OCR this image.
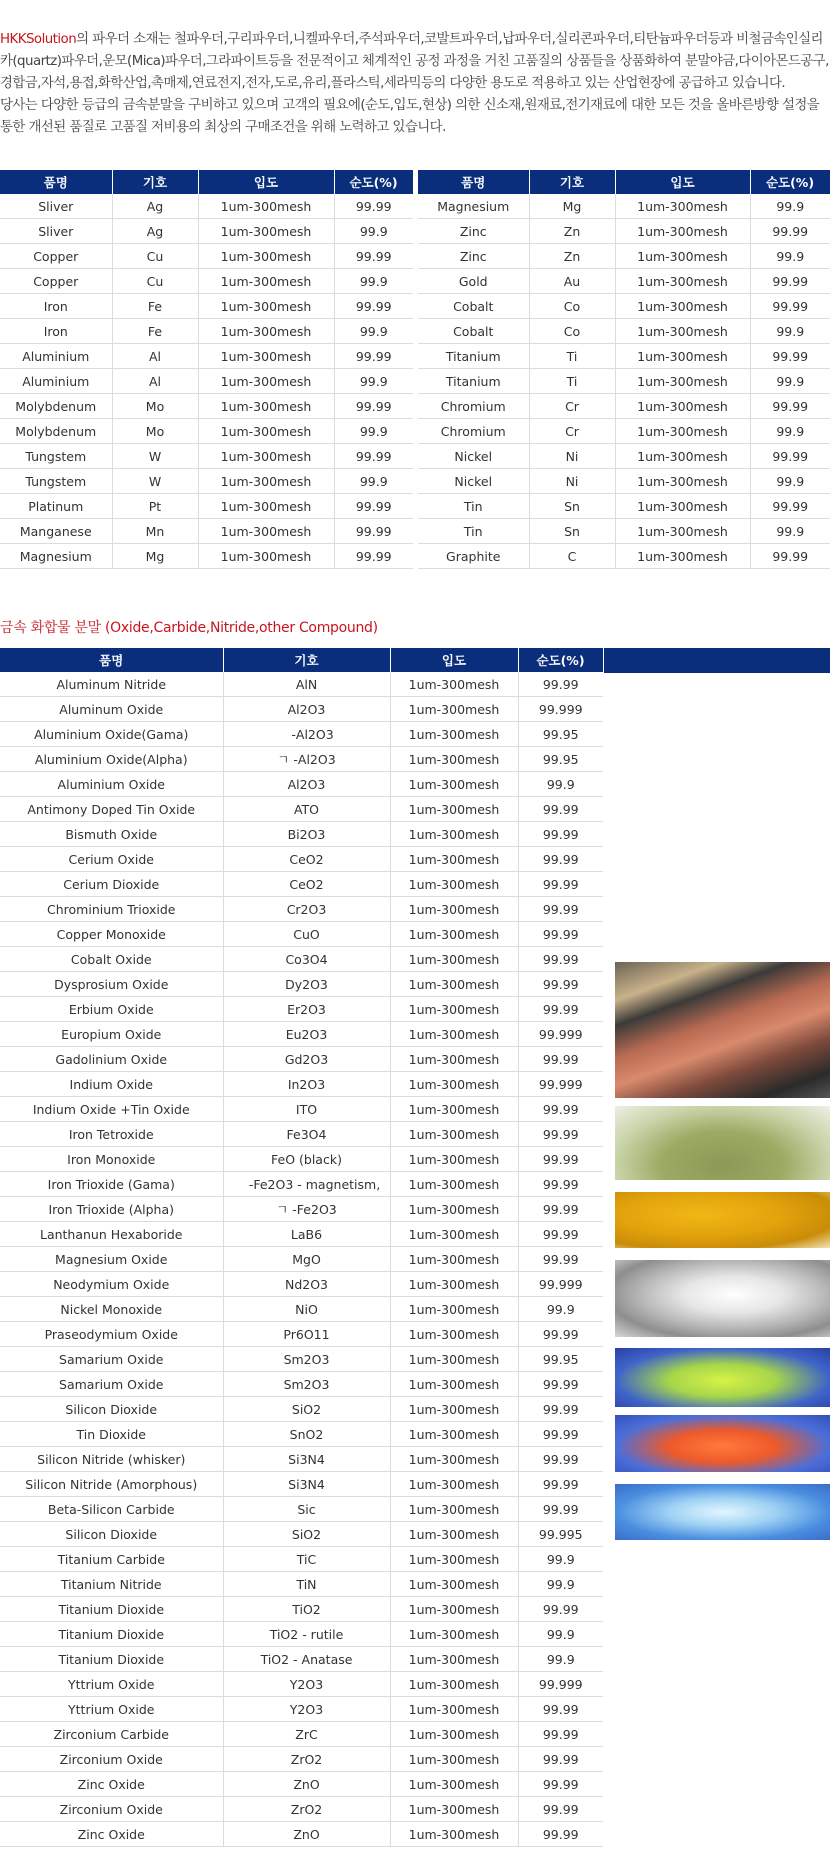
HKKSolution의 파우더 소재는 철파우더,구리파우더,니켈파우더,주석파우더,코발트파우더,납파우더,실리콘파우더,티탄늄파우더등과 비철금속인실리카(quartz)파우더,운모(Mica)파우더,그라파이트등을 전문적이고 체계적인 공정 과정을 거친 고품질의 상품들을 상품화하여 분말야금,다이아몬드공구,경합금,자석,용접,화학산업,촉매제,연료전지,전자,도로,유리,플라스틱,세라믹등의 다양한 용도로 적용하고 있는 산업현장에 공급하고 있습니다.

당사는 다양한 등급의 금속분말을 구비하고 있으며 고객의 필요에(순도,입도,현상) 의한 신소재,원재료,전기재료에 대한 모든 것을 올바른방향 설정을 통한 개선된 품질로 고품질 저비용의 최상의 구매조건을 위해 노력하고 있습니다.

품명	기호	입도	순도(%)
Sliver	Ag	1um-300mesh	99.99
Sliver	Ag	1um-300mesh	99.9
Copper	Cu	1um-300mesh	99.99
Copper	Cu	1um-300mesh	99.9
Iron	Fe	1um-300mesh	99.99
Iron	Fe	1um-300mesh	99.9
Aluminium	Al	1um-300mesh	99.99
Aluminium	Al	1um-300mesh	99.9
Molybdenum	Mo	1um-300mesh	99.99
Molybdenum	Mo	1um-300mesh	99.9
Tungstem	W	1um-300mesh	99.99
Tungstem	W	1um-300mesh	99.9
Platinum	Pt	1um-300mesh	99.99
Manganese	Mn	1um-300mesh	99.99
Magnesium	Mg	1um-300mesh	99.99
품명	기호	입도	순도(%)
Magnesium	Mg	1um-300mesh	99.9
Zinc	Zn	1um-300mesh	99.99
Zinc	Zn	1um-300mesh	99.9
Gold	Au	1um-300mesh	99.99
Cobalt	Co	1um-300mesh	99.99
Cobalt	Co	1um-300mesh	99.9
Titanium	Ti	1um-300mesh	99.99
Titanium	Ti	1um-300mesh	99.9
Chromium	Cr	1um-300mesh	99.99
Chromium	Cr	1um-300mesh	99.9
Nickel	Ni	1um-300mesh	99.99
Nickel	Ni	1um-300mesh	99.9
Tin	Sn	1um-300mesh	99.99
Tin	Sn	1um-300mesh	99.9
Graphite	C	1um-300mesh	99.99
금속 화합물 분말 (Oxide,Carbide,Nitride,other Compound)
품명	기호	입도	순도(%)
Aluminum Nitride	AlN	1um-300mesh	99.99
Aluminum Oxide	Al2O3	1um-300mesh	99.999
Aluminium Oxide(Gama)	ᅟ-Al2O3	1um-300mesh	99.95
Aluminium Oxide(Alpha)	ㄱ -Al2O3	1um-300mesh	99.95
Aluminium Oxide	Al2O3	1um-300mesh	99.9
Antimony Doped Tin Oxide	ATO	1um-300mesh	99.99
Bismuth Oxide	Bi2O3	1um-300mesh	99.99
Cerium Oxide	CeO2	1um-300mesh	99.99
Cerium Dioxide	CeO2	1um-300mesh	99.99
Chrominium Trioxide	Cr2O3	1um-300mesh	99.99
Copper Monoxide	CuO	1um-300mesh	99.99
Cobalt Oxide	Co3O4	1um-300mesh	99.99
Dysprosium Oxide	Dy2O3	1um-300mesh	99.99
Erbium Oxide	Er2O3	1um-300mesh	99.99
Europium Oxide	Eu2O3	1um-300mesh	99.999
Gadolinium Oxide	Gd2O3	1um-300mesh	99.99
Indium Oxide	In2O3	1um-300mesh	99.999
Indium Oxide +Tin Oxide	ITO	1um-300mesh	99.99
Iron Tetroxide	Fe3O4	1um-300mesh	99.99
Iron Monoxide	FeO (black)	1um-300mesh	99.99
Iron Trioxide (Gama)	ᅟ -Fe2O3 - magnetism,	1um-300mesh	99.99
Iron Trioxide (Alpha)	ㄱ -Fe2O3	1um-300mesh	99.99
Lanthanun Hexaboride	LaB6	1um-300mesh	99.99
Magnesium Oxide	MgO	1um-300mesh	99.99
Neodymium Oxide	Nd2O3	1um-300mesh	99.999
Nickel Monoxide	NiO	1um-300mesh	99.9
Praseodymium Oxide	Pr6O11	1um-300mesh	99.99
Samarium Oxide	Sm2O3	1um-300mesh	99.95
Samarium Oxide	Sm2O3	1um-300mesh	99.99
Silicon Dioxide	SiO2	1um-300mesh	99.99
Tin Dioxide	SnO2	1um-300mesh	99.99
Silicon Nitride (whisker)	Si3N4	1um-300mesh	99.99
Silicon Nitride (Amorphous)	Si3N4	1um-300mesh	99.99
Beta-Silicon Carbide	Sic	1um-300mesh	99.99
Silicon Dioxide	SiO2	1um-300mesh	99.995
Titanium Carbide	TiC	1um-300mesh	99.9
Titanium Nitride	TiN	1um-300mesh	99.9
Titanium Dioxide	TiO2	1um-300mesh	99.99
Titanium Dioxide	TiO2 - rutile	1um-300mesh	99.9
Titanium Dioxide	TiO2 - Anatase	1um-300mesh	99.9
Yttrium Oxide	Y2O3	1um-300mesh	99.999
Yttrium Oxide	Y2O3	1um-300mesh	99.99
Zirconium Carbide	ZrC	1um-300mesh	99.99
Zirconium Oxide	ZrO2	1um-300mesh	99.99
Zinc Oxide	ZnO	1um-300mesh	99.99
Zirconium Oxide	ZrO2	1um-300mesh	99.99
Zinc Oxide	ZnO	1um-300mesh	99.99
